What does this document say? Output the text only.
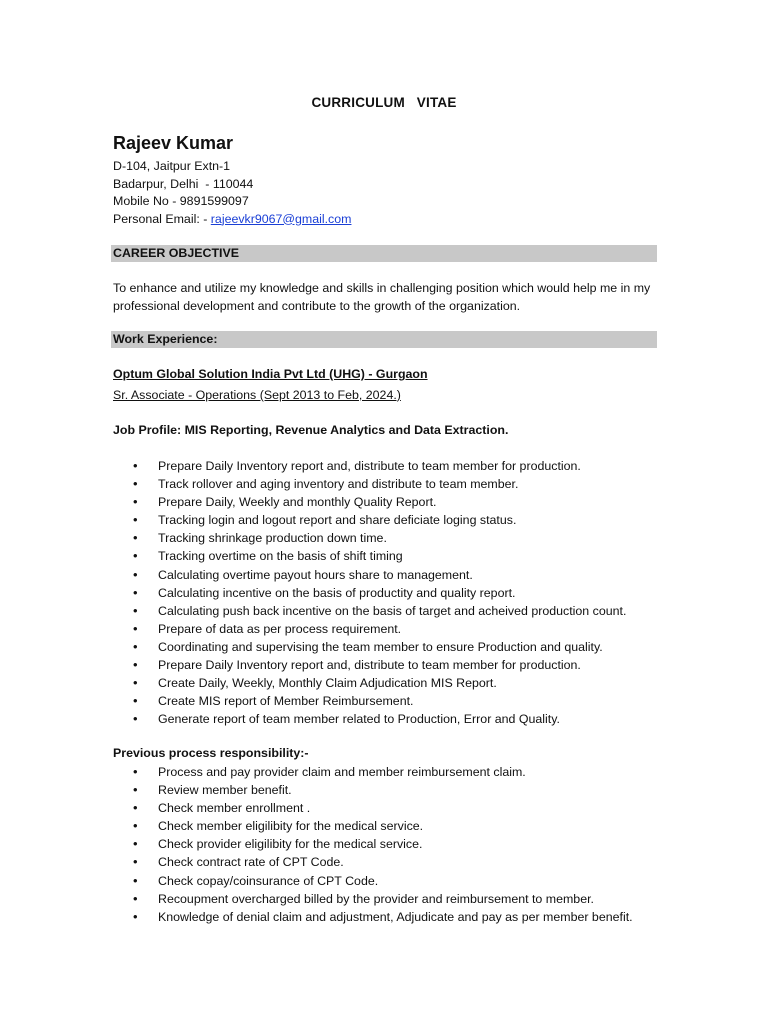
CURRICULUM   VITAE
Rajeev Kumar
D-104, Jaitpur Extn-1
Badarpur, Delhi  - 110044
Mobile No - 9891599097
Personal Email: - rajeevkr9067@gmail.com
CAREER OBJECTIVE
To enhance and utilize my knowledge and skills in challenging position which would help me in my professional development and contribute to the growth of the organization.
Work Experience:
Optum Global Solution India Pvt Ltd (UHG) - Gurgaon
Sr. Associate - Operations (Sept 2013 to Feb, 2024.)
Job Profile: MIS Reporting, Revenue Analytics and Data Extraction.
• Prepare Daily Inventory report and, distribute to team member for production.
• Track rollover and aging inventory and distribute to team member.
• Prepare Daily, Weekly and monthly Quality Report.
• Tracking login and logout report and share deficiate loging status.
• Tracking shrinkage production down time.
• Tracking overtime on the basis of shift timing
• Calculating overtime payout hours share to management.
• Calculating incentive on the basis of productity and quality report.
• Calculating push back incentive on the basis of target and acheived production count.
• Prepare of data as per process requirement.
• Coordinating and supervising the team member to ensure Production and quality.
• Prepare Daily Inventory report and, distribute to team member for production.
• Create Daily, Weekly, Monthly Claim Adjudication MIS Report.
• Create MIS report of Member Reimbursement.
• Generate report of team member related to Production, Error and Quality.
Previous process responsibility:-
• Process and pay provider claim and member reimbursement claim.
• Review member benefit.
• Check member enrollment .
• Check member eligilibity for the medical service.
• Check provider eligilibity for the medical service.
• Check contract rate of CPT Code.
• Check copay/coinsurance of CPT Code.
• Recoupment overcharged billed by the provider and reimbursement to member.
• Knowledge of denial claim and adjustment, Adjudicate and pay as per member benefit.
